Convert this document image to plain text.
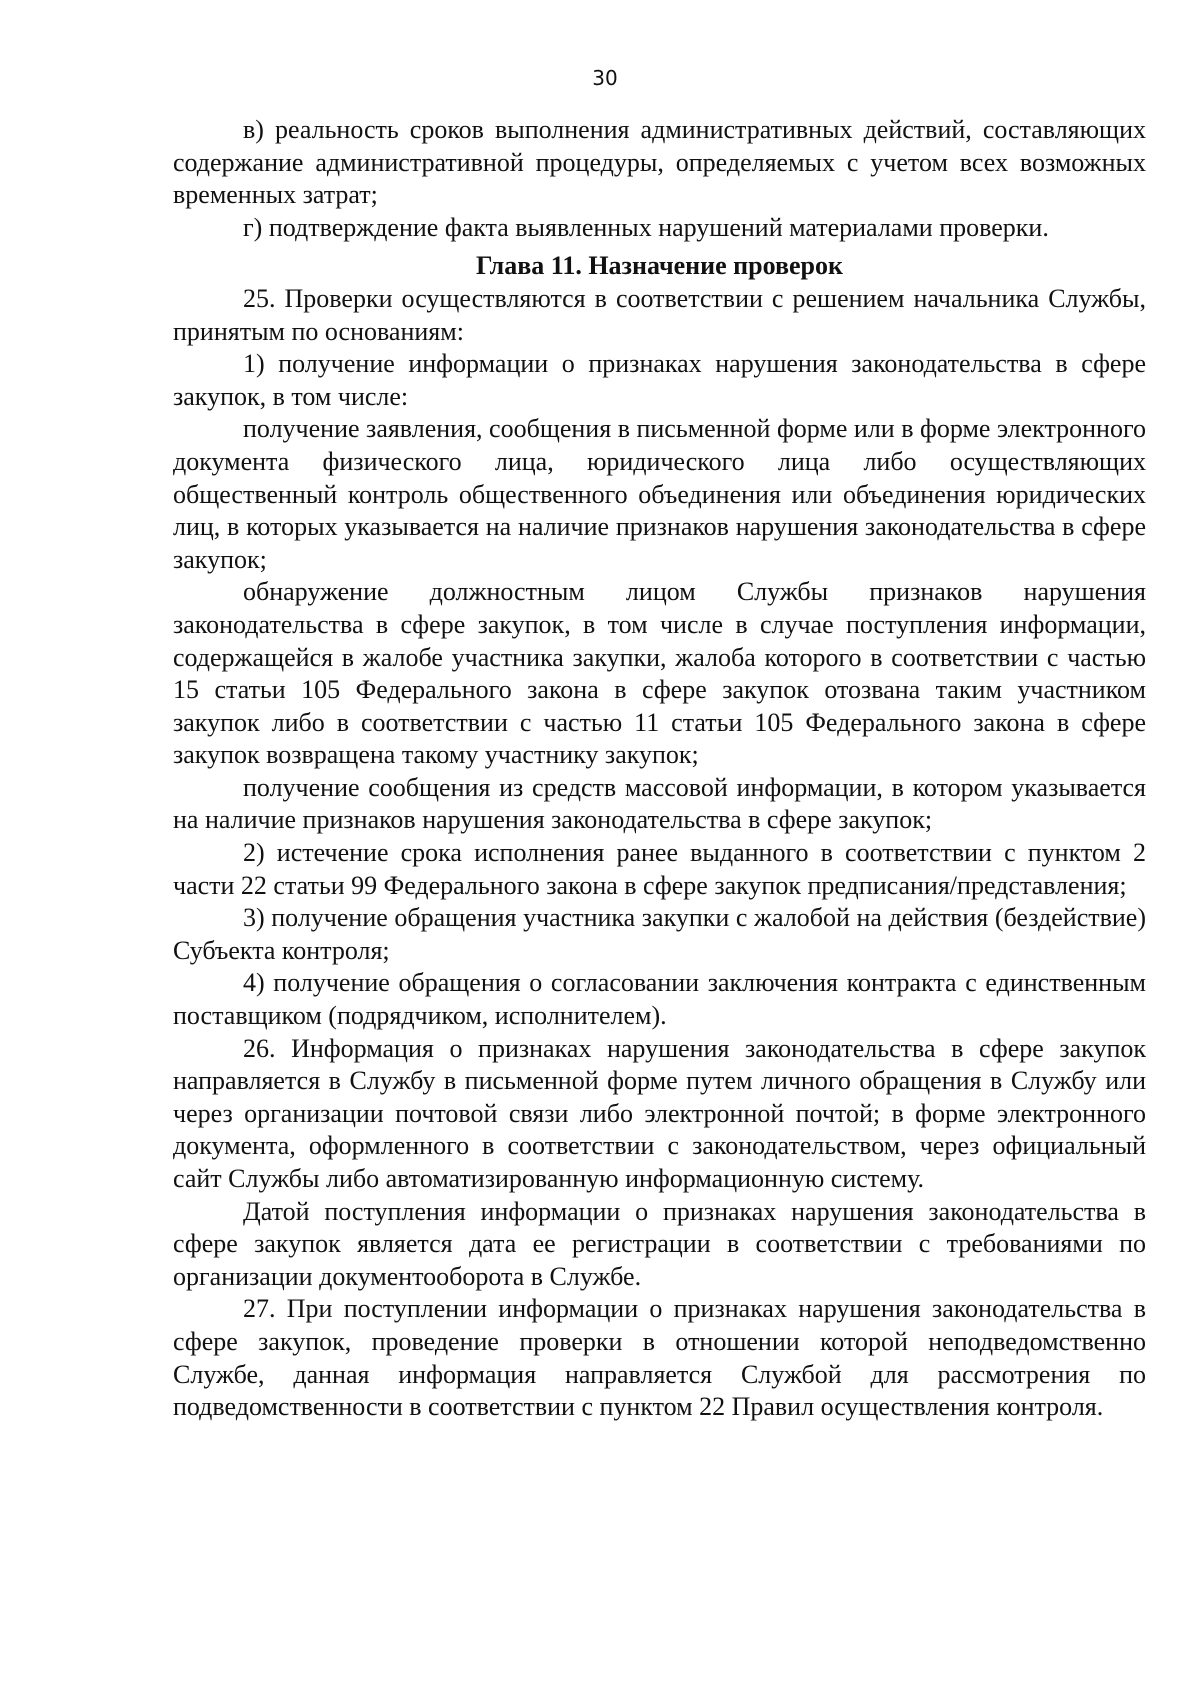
30

в) реальность сроков выполнения административных действий, составляющих содержание административной процедуры, определяемых с учетом всех возможных временных затрат;

г) подтверждение факта выявленных нарушений материалами проверки.

Глава 11. Назначение проверок

25. Проверки осуществляются в соответствии с решением начальника Службы, принятым по основаниям:

1) получение информации о признаках нарушения законодательства в сфере закупок, в том числе:

получение заявления, сообщения в письменной форме или в форме электронного документа физического лица, юридического лица либо осуществляющих общественный контроль общественного объединения или объединения юридических лиц, в которых указывается на наличие признаков нарушения законодательства в сфере закупок;

обнаружение должностным лицом Службы признаков нарушения законодательства в сфере закупок, в том числе в случае поступления информации, содержащейся в жалобе участника закупки, жалоба которого в соответствии с частью 15 статьи 105 Федерального закона в сфере закупок отозвана таким участником закупок либо в соответствии с частью 11 статьи 105 Федерального закона в сфере закупок возвращена такому участнику закупок;

получение сообщения из средств массовой информации, в котором указывается на наличие признаков нарушения законодательства в сфере закупок;

2) истечение срока исполнения ранее выданного в соответствии с пунктом 2 части 22 статьи 99 Федерального закона в сфере закупок предписания/представления;

3) получение обращения участника закупки с жалобой на действия (бездействие) Субъекта контроля;

4) получение обращения о согласовании заключения контракта с единственным поставщиком (подрядчиком, исполнителем).

26. Информация о признаках нарушения законодательства в сфере закупок направляется в Службу в письменной форме путем личного обращения в Службу или через организации почтовой связи либо электронной почтой; в форме электронного документа, оформленного в соответствии с законодательством, через официальный сайт Службы либо автоматизированную информационную систему.

Датой поступления информации о признаках нарушения законодательства в сфере закупок является дата ее регистрации в соответствии с требованиями по организации документооборота в Службе.

27. При поступлении информации о признаках нарушения законодательства в сфере закупок, проведение проверки в отношении которой неподведомственно Службе, данная информация направляется Службой для рассмотрения по подведомственности в соответствии с пунктом 22 Правил осуществления контроля.
